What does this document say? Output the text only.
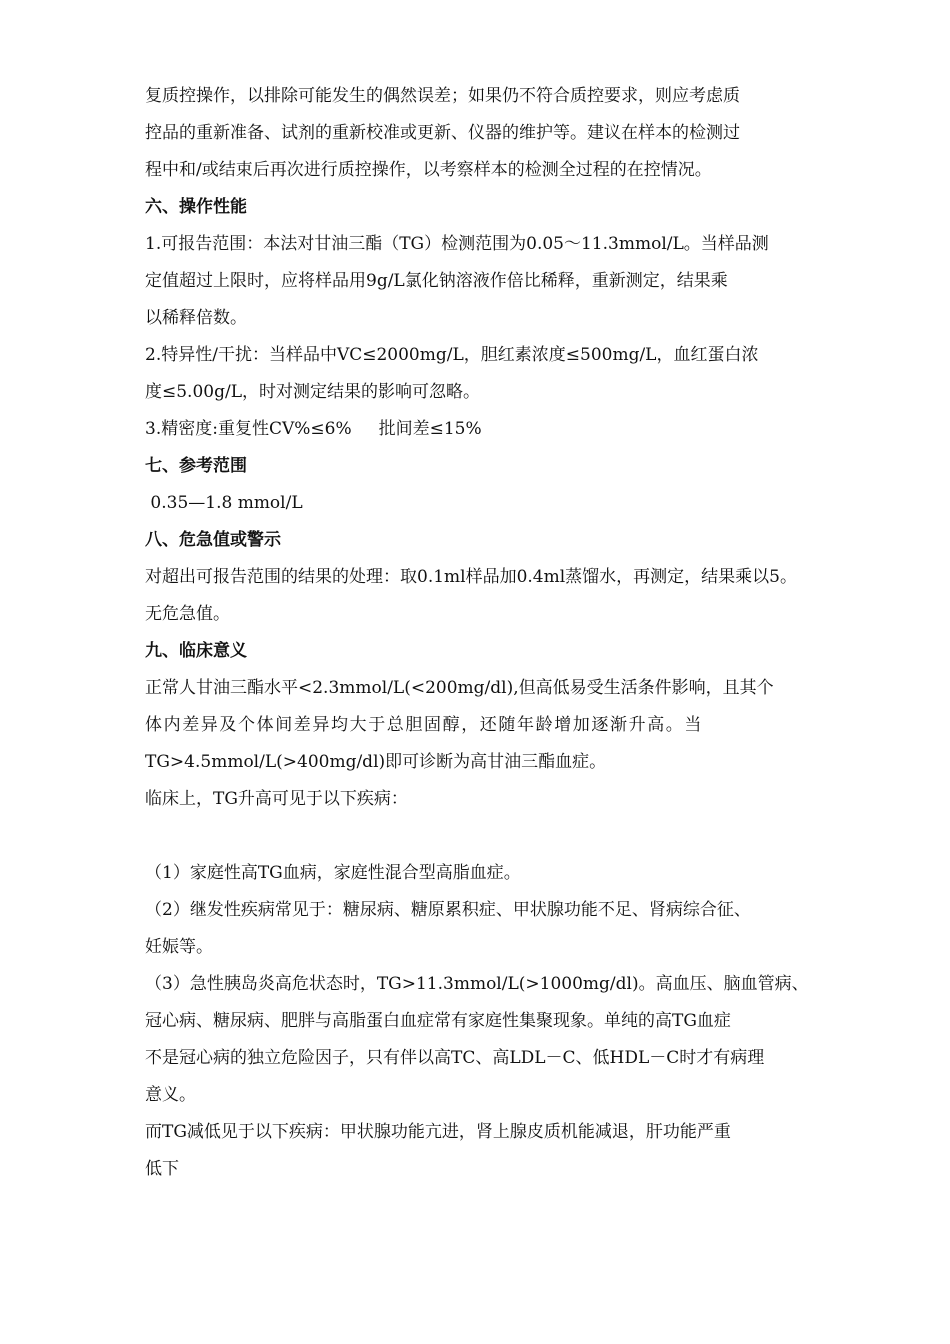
复质控操作，以排除可能发生的偶然误差；如果仍不符合质控要求，则应考虑质
控品的重新准备、试剂的重新校准或更新、仪器的维护等。建议在样本的检测过
程中和/或结束后再次进行质控操作，以考察样本的检测全过程的在控情况。
六、操作性能
1.可报告范围：本法对甘油三酯（TG）检测范围为0.05～11.3mmol/L。当样品测
定值超过上限时，应将样品用9g/L氯化钠溶液作倍比稀释，重新测定，结果乘
以稀释倍数。
2.特异性/干扰：当样品中VC≤2000mg/L，胆红素浓度≤500mg/L，血红蛋白浓
度≤5.00g/L，时对测定结果的影响可忽略。
3.精密度:重复性CV%≤6%     批间差≤15%
七、参考范围
0.35—1.8 mmol/L
八、危急值或警示
对超出可报告范围的结果的处理：取0.1ml样品加0.4ml蒸馏水，再测定，结果乘以5。
无危急值。
九、临床意义
正常人甘油三酯水平<2.3mmol/L(<200mg/dl),但高低易受生活条件影响，且其个
体内差异及个体间差异均大于总胆固醇，还随年龄增加逐渐升高。当
TG>4.5mmol/L(>400mg/dl)即可诊断为高甘油三酯血症。
临床上，TG升高可见于以下疾病：
（1）家庭性高TG血病，家庭性混合型高脂血症。
（2）继发性疾病常见于：糖尿病、糖原累积症、甲状腺功能不足、肾病综合征、
妊娠等。
（3）急性胰岛炎高危状态时，TG>11.3mmol/L(>1000mg/dl)。高血压、脑血管病、
冠心病、糖尿病、肥胖与高脂蛋白血症常有家庭性集聚现象。单纯的高TG血症
不是冠心病的独立危险因子，只有伴以高TC、高LDL－C、低HDL－C时才有病理
意义。
而TG减低见于以下疾病：甲状腺功能亢进，肾上腺皮质机能减退，肝功能严重
低下
